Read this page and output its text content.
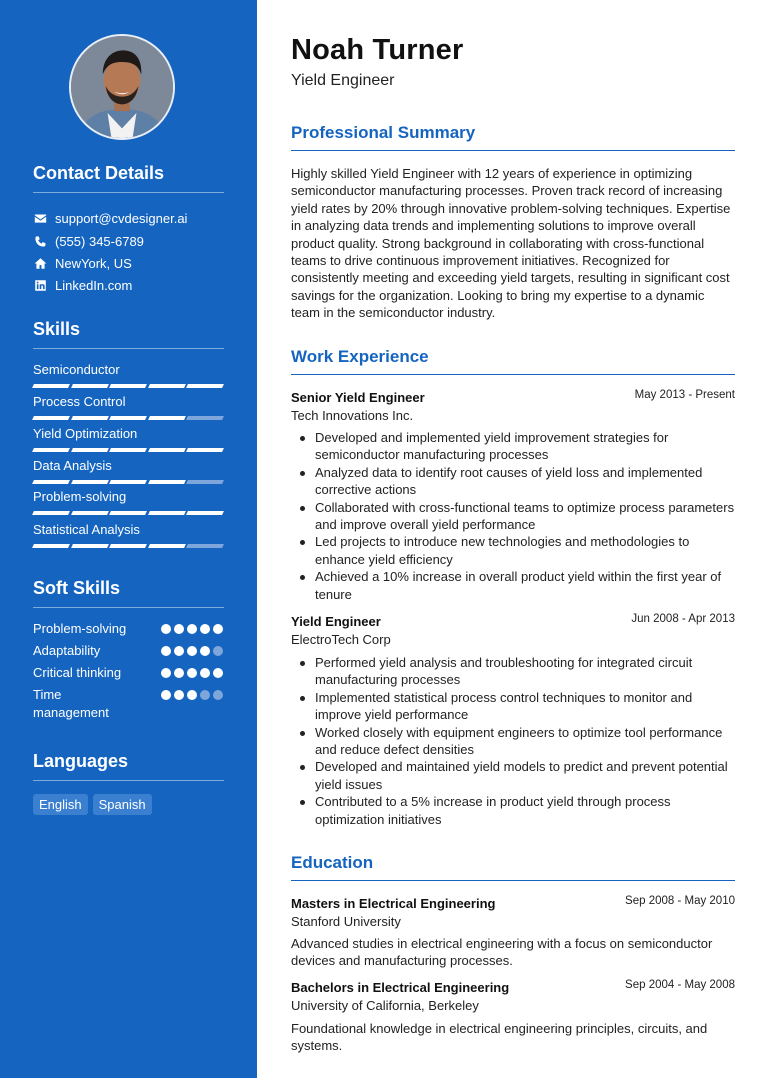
Contact Details
support@cvdesigner.ai
(555) 345-6789
NewYork, US
LinkedIn.com
Skills
Semiconductor
Process Control
Yield Optimization
Data Analysis
Problem-solving
Statistical Analysis
Soft Skills
Problem-solving
Adaptability
Critical thinking
Time management
Languages
English	Spanish
Noah Turner
Yield Engineer
Professional Summary

Highly skilled Yield Engineer with 12 years of experience in optimizing semiconductor manufacturing processes. Proven track record of increasing yield rates by 20% through innovative problem-solving techniques. Expertise in analyzing data trends and implementing solutions to improve overall product quality. Strong background in collaborating with cross-functional teams to drive continuous improvement initiatives. Recognized for consistently meeting and exceeding yield targets, resulting in significant cost savings for the organization. Looking to bring my expertise to a dynamic team in the semiconductor industry.

Work Experience
Senior Yield Engineer	May 2013 - Present
Tech Innovations Inc.
Developed and implemented yield improvement strategies for semiconductor manufacturing processes
Analyzed data to identify root causes of yield loss and implemented corrective actions
Collaborated with cross-functional teams to optimize process parameters and improve overall yield performance
Led projects to introduce new technologies and methodologies to enhance yield efficiency
Achieved a 10% increase in overall product yield within the first year of tenure
Yield Engineer	Jun 2008 - Apr 2013
ElectroTech Corp
Performed yield analysis and troubleshooting for integrated circuit manufacturing processes
Implemented statistical process control techniques to monitor and improve yield performance
Worked closely with equipment engineers to optimize tool performance and reduce defect densities
Developed and maintained yield models to predict and prevent potential yield issues
Contributed to a 5% increase in product yield through process optimization initiatives
Education
Masters in Electrical Engineering	Sep 2008 - May 2010
Stanford University

Advanced studies in electrical engineering with a focus on semiconductor devices and manufacturing processes.

Bachelors in Electrical Engineering	Sep 2004 - May 2008
University of California, Berkeley

Foundational knowledge in electrical engineering principles, circuits, and systems.
